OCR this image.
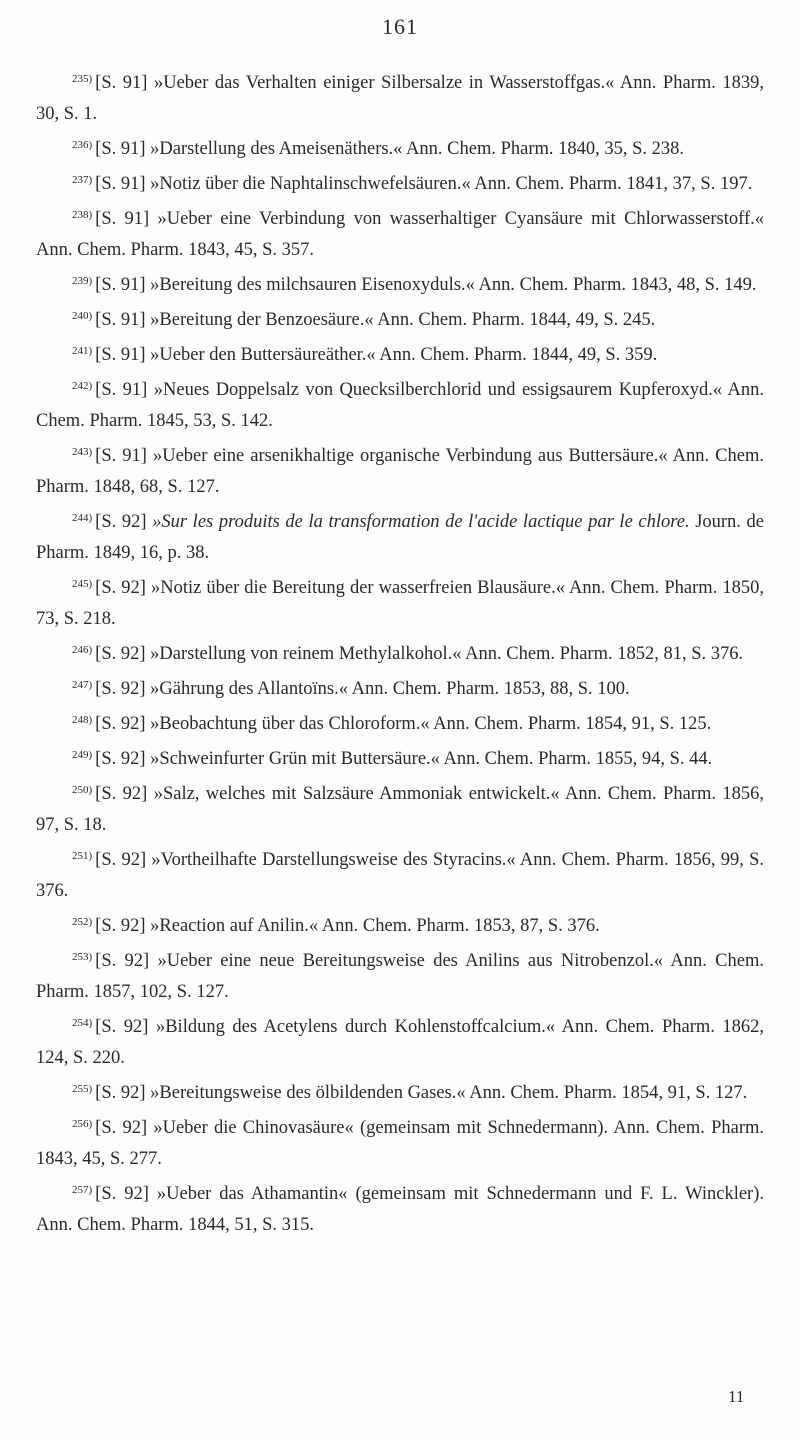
161

$^{235)}$ [S. 91] »Ueber das Verhalten einiger Silbersalze in Wasserstoffgas.« Ann. Pharm. 1839, 30, S. 1.

$^{236)}$ [S. 91] »Darstellung des Ameisenäthers.« Ann. Chem. Pharm. 1840, 35, S. 238.

$^{237)}$ [S. 91] »Notiz über die Naphtalinschwefelsäuren.« Ann. Chem. Pharm. 1841, 37, S. 197.

$^{238)}$ [S. 91] »Ueber eine Verbindung von wasserhaltiger Cyansäure mit Chlorwasserstoff.« Ann. Chem. Pharm. 1843, 45, S. 357.

$^{239)}$ [S. 91] »Bereitung des milchsauren Eisenoxyduls.« Ann. Chem. Pharm. 1843, 48, S. 149.

$^{240)}$ [S. 91] »Bereitung der Benzoesäure.« Ann. Chem. Pharm. 1844, 49, S. 245.

$^{241)}$ [S. 91] »Ueber den Buttersäureäther.« Ann. Chem. Pharm. 1844, 49, S. 359.

$^{242)}$ [S. 91] »Neues Doppelsalz von Quecksilberchlorid und essigsaurem Kupferoxyd.« Ann. Chem. Pharm. 1845, 53, S. 142.

$^{243)}$ [S. 91] »Ueber eine arsenikhaltige organische Verbindung aus Buttersäure.« Ann. Chem. Pharm. 1848, 68, S. 127.

$^{244)}$ [S. 92] »Sur les produits de la transformation de l'acide lactique par le chlore. Journ. de Pharm. 1849, 16, p. 38.

$^{245)}$ [S. 92] »Notiz über die Bereitung der wasserfreien Blausäure.« Ann. Chem. Pharm. 1850, 73, S. 218.

$^{246)}$ [S. 92] »Darstellung von reinem Methylalkohol.« Ann. Chem. Pharm. 1852, 81, S. 376.

$^{247)}$ [S. 92] »Gährung des Allantoïns.« Ann. Chem. Pharm. 1853, 88, S. 100.

$^{248)}$ [S. 92] »Beobachtung über das Chloroform.« Ann. Chem. Pharm. 1854, 91, S. 125.

$^{249)}$ [S. 92] »Schweinfurter Grün mit Buttersäure.« Ann. Chem. Pharm. 1855, 94, S. 44.

$^{250)}$ [S. 92] »Salz, welches mit Salzsäure Ammoniak entwickelt.« Ann. Chem. Pharm. 1856, 97, S. 18.

$^{251)}$ [S. 92] »Vortheilhafte Darstellungsweise des Styracins.« Ann. Chem. Pharm. 1856, 99, S. 376.

$^{252)}$ [S. 92] »Reaction auf Anilin.« Ann. Chem. Pharm. 1853, 87, S. 376.

$^{253)}$ [S. 92] »Ueber eine neue Bereitungsweise des Anilins aus Nitrobenzol.« Ann. Chem. Pharm. 1857, 102, S. 127.

$^{254)}$ [S. 92] »Bildung des Acetylens durch Kohlenstoffcalcium.« Ann. Chem. Pharm. 1862, 124, S. 220.

$^{255)}$ [S. 92] »Bereitungsweise des ölbildenden Gases.« Ann. Chem. Pharm. 1854, 91, S. 127.

$^{256)}$ [S. 92] »Ueber die Chinovasäure« (gemeinsam mit Schnedermann). Ann. Chem. Pharm. 1843, 45, S. 277.

$^{257)}$ [S. 92] »Ueber das Athamantin« (gemeinsam mit Schnedermann und F. L. Winckler). Ann. Chem. Pharm. 1844, 51, S. 315.

11
